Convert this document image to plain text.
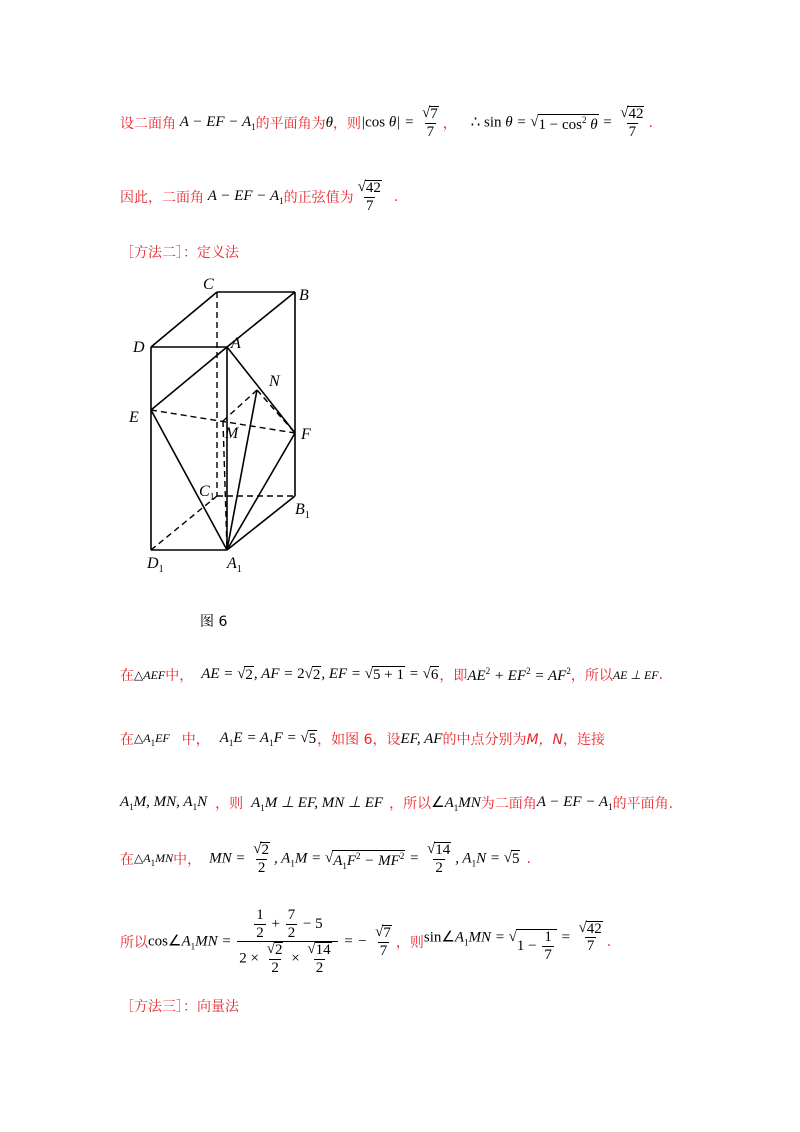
设二面角 A − EF − $A_1$ 的平面角为 θ ，则 |cos $\theta| = \frac{√ 7}{7}$ ， ∴ sin θ = √ $1 - \cos^2 \theta = \frac{√ 42}{7}$ .
因此，二面角 A − EF − $A_1$ 的正弦值为 $\frac{√ 42}{7}$ .
［方法二］：定义法
C
B
D	A
N
E
M	F
$C_1$
$B_1$
$D_1$	$A_1$
图 6
在 △AEF 中， AE = √ 2 , AF = 2 √ 2 , EF = √ 5 + 1 = √ 6 ，即 $AE^2 + EF^2 = AF^2$ ，所以 AE ⊥ EF .
在 $\triangle A_1EF$ 中， $A_1E = A_1F$ = √ 5 ，如图 6，设 EF, AF 的中点分别为 M，N ，连接
$A_1M$, MN, $A_1N$ ，则 $A_1M$ ⊥ EF, MN ⊥ EF ，所以 $\angle A_1MN$ 为二面角 A − EF − $A_1$ 的平面角.
在 $\triangle A_1MN$ 中， MN = $\frac{√ 2}{2}$ , $A_1M$ = √ $A_1F^2 - MF^2 = \frac{√ 14}{2}$ , $A_1N$ = √ 5 .
所以 $\cos\angle A_1MN = \frac{\frac{1}{2} + \frac{7}{2} - 5}{2 \times \frac{√ 2}{2} \times \frac{√ 14}{2}}$ = − $\frac{√ 7}{7}$ ，则 $\sin\angle A_1MN$ = √
$1 - \frac{1}{7} = \frac{√ 42}{7}$ .
［方法三］：向量法
